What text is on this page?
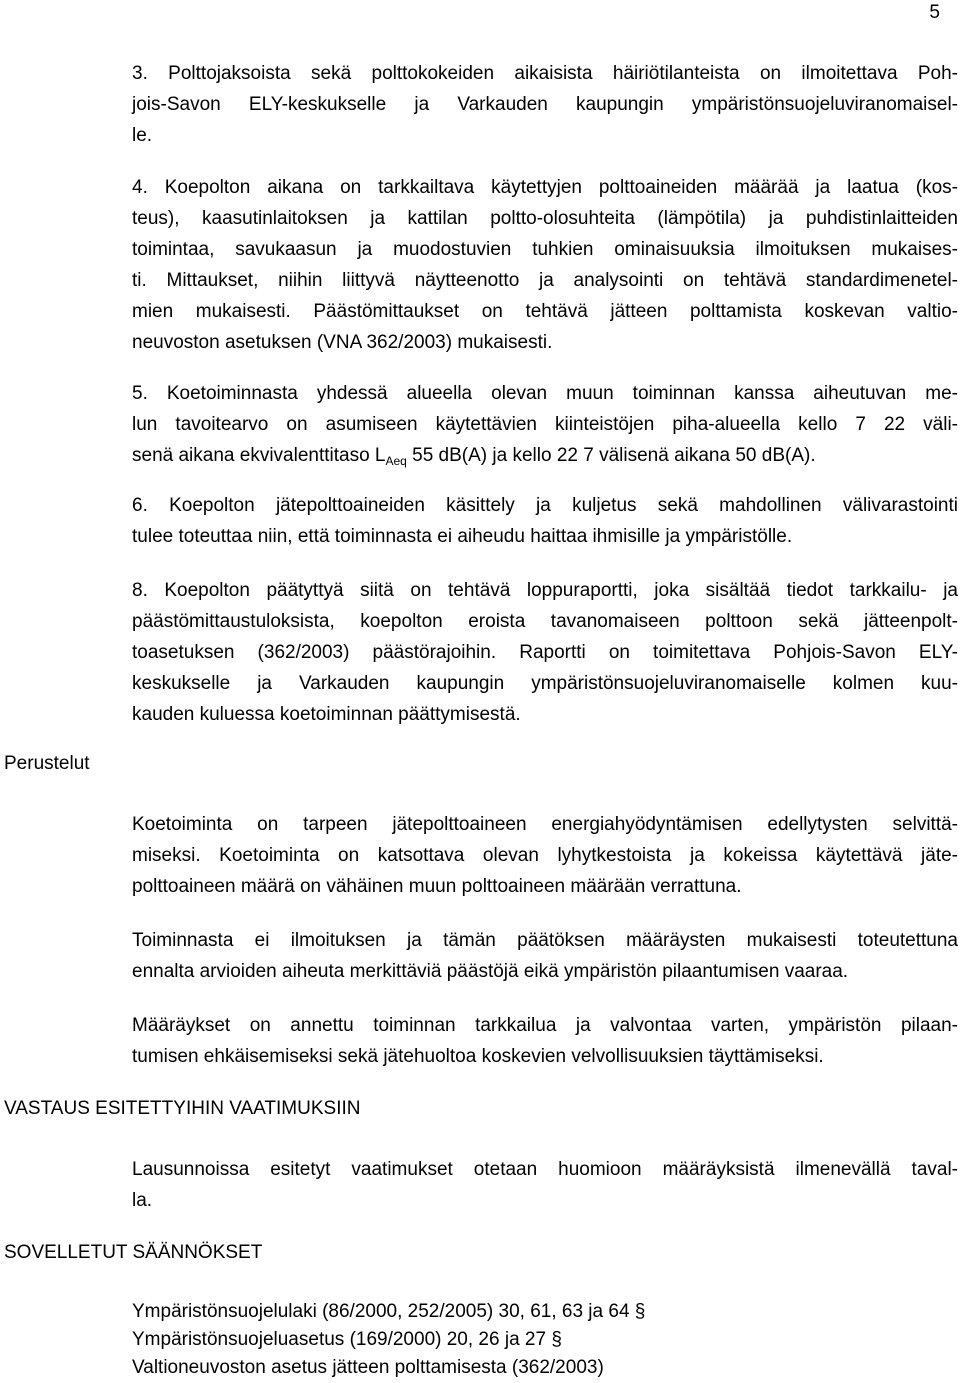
5
3. Polttojaksoista sekä polttokokeiden aikaisista häiriötilanteista on ilmoitettava Poh-
jois-Savon ELY-keskukselle ja Varkauden kaupungin ympäristönsuojeluviranomaisel-
le.
4. Koepolton aikana on tarkkailtava käytettyjen polttoaineiden määrää ja laatua (kos-
teus), kaasutinlaitoksen ja kattilan poltto-olosuhteita (lämpötila) ja puhdistinlaitteiden
toimintaa, savukaasun ja muodostuvien tuhkien ominaisuuksia ilmoituksen mukaises-
ti. Mittaukset, niihin liittyvä näytteenotto ja analysointi on tehtävä standardimenetel-
mien mukaisesti. Päästömittaukset on tehtävä jätteen polttamista koskevan valtio-
neuvoston asetuksen (VNA 362/2003) mukaisesti.
5. Koetoiminnasta yhdessä alueella olevan muun toiminnan kanssa aiheutuvan me-
lun tavoitearvo on asumiseen käytettävien kiinteistöjen piha-alueella kello 7 22 väli-
senä aikana ekvivalenttitaso $L_{Aeq}$ 55 dB(A) ja kello 22 7 välisenä aikana 50 dB(A).
6. Koepolton jätepolttoaineiden käsittely ja kuljetus sekä mahdollinen välivarastointi
tulee toteuttaa niin, että toiminnasta ei aiheudu haittaa ihmisille ja ympäristölle.
8. Koepolton päätyttyä siitä on tehtävä loppuraportti, joka sisältää tiedot tarkkailu- ja
päästömittaustuloksista, koepolton eroista tavanomaiseen polttoon sekä jätteenpolt-
toasetuksen (362/2003) päästörajoihin. Raportti on toimitettava Pohjois-Savon ELY-
keskukselle ja Varkauden kaupungin ympäristönsuojeluviranomaiselle kolmen kuu-
kauden kuluessa koetoiminnan päättymisestä.
Perustelut
Koetoiminta on tarpeen jätepolttoaineen energiahyödyntämisen edellytysten selvittä-
miseksi. Koetoiminta on katsottava olevan lyhytkestoista ja kokeissa käytettävä jäte-
polttoaineen määrä on vähäinen muun polttoaineen määrään verrattuna.
Toiminnasta ei ilmoituksen ja tämän päätöksen määräysten mukaisesti toteutettuna
ennalta arvioiden aiheuta merkittäviä päästöjä eikä ympäristön pilaantumisen vaaraa.
Määräykset on annettu toiminnan tarkkailua ja valvontaa varten, ympäristön pilaan-
tumisen ehkäisemiseksi sekä jätehuoltoa koskevien velvollisuuksien täyttämiseksi.
VASTAUS ESITETTYIHIN VAATIMUKSIIN
Lausunnoissa esitetyt vaatimukset otetaan huomioon määräyksistä ilmenevällä taval-
la.
SOVELLETUT SÄÄNNÖKSET
Ympäristönsuojelulaki (86/2000, 252/2005) 30, 61, 63 ja 64 §
Ympäristönsuojeluasetus (169/2000) 20, 26 ja 27 §
Valtioneuvoston asetus jätteen polttamisesta (362/2003)
